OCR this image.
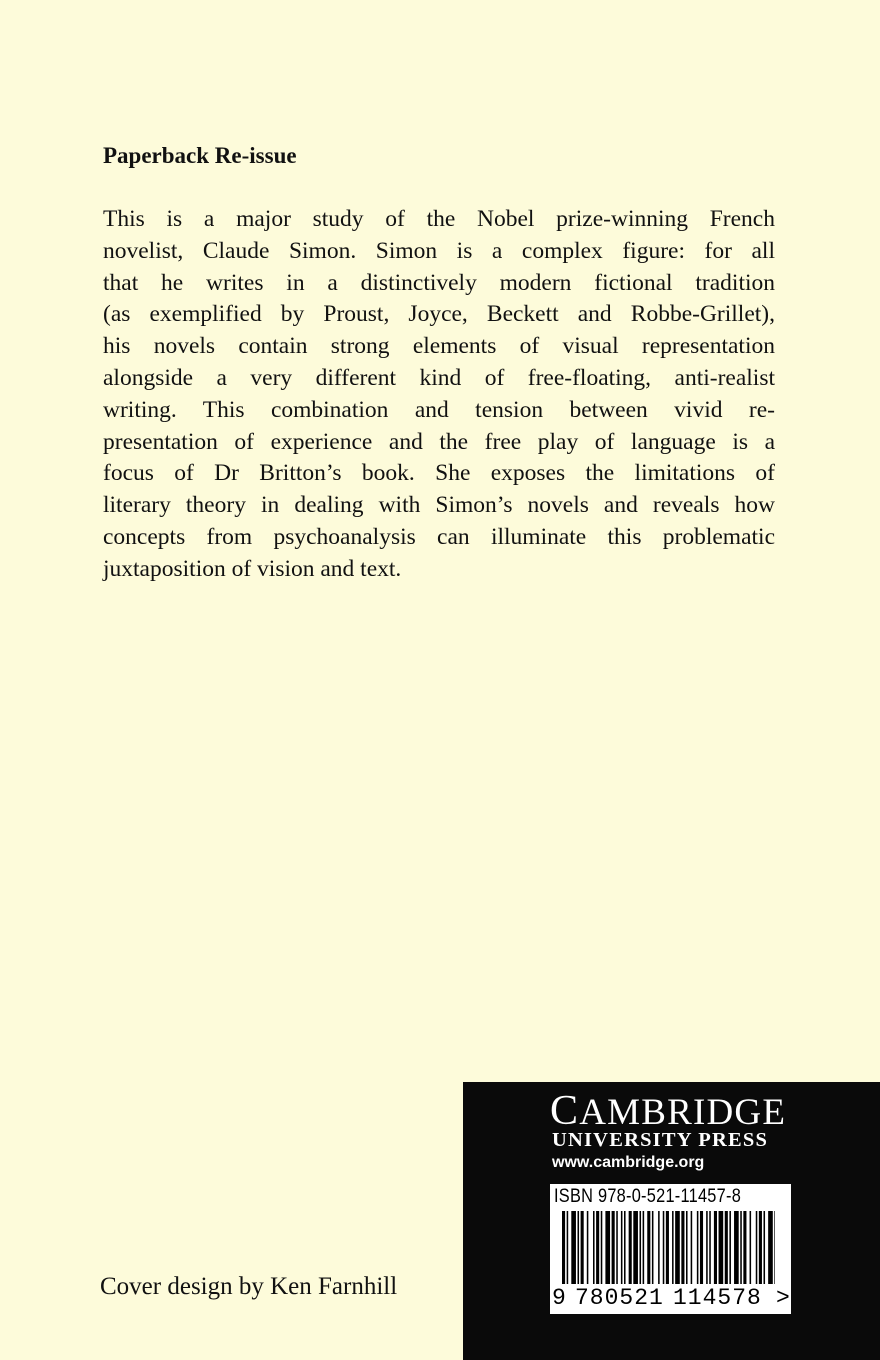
Paperback Re-issue

This is a major study of the Nobel prize-winning French
novelist, Claude Simon. Simon is a complex figure: for all
that he writes in a distinctively modern fictional tradition
(as exemplified by Proust, Joyce, Beckett and Robbe-Grillet),
his novels contain strong elements of visual representation
alongside a very different kind of free-floating, anti-realist
writing. This combination and tension between vivid re-
presentation of experience and the free play of language is a
focus of Dr Britton’s book. She exposes the limitations of
literary theory in dealing with Simon’s novels and reveals how
concepts from psychoanalysis can illuminate this problematic
juxtaposition of vision and text.

Cover design by Ken Farnhill

CAMBRIDGE
UNIVERSITY PRESS
www.cambridge.org
ISBN 978-0-521-11457-8
9 780521 114578 >
